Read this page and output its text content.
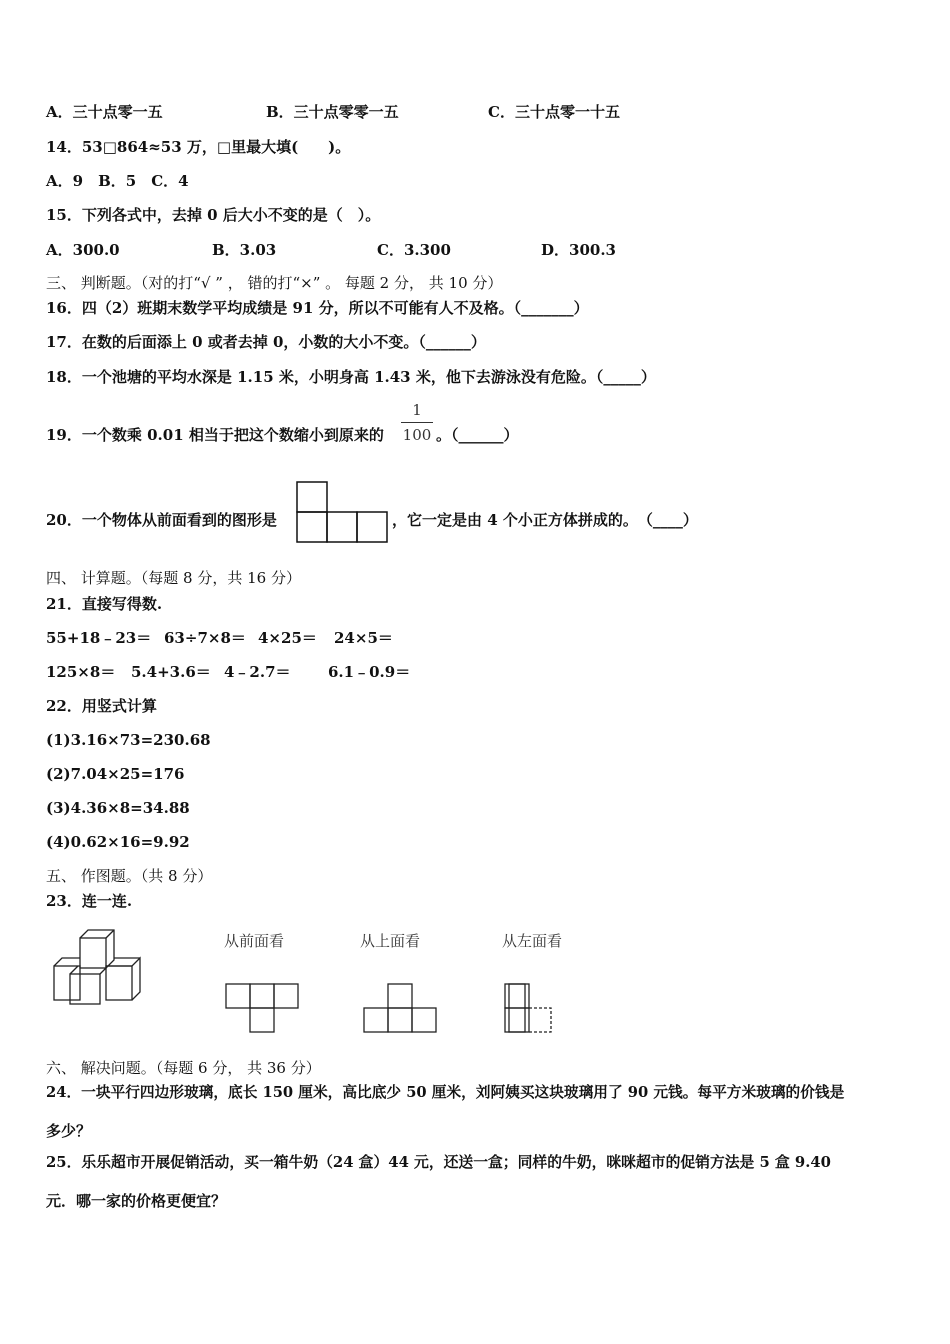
A．三十点零一五	B．三十点零零一五	C．三十点零一十五
14．53□864≈53 万，□里最大填(　　)。
A．9　B．5　C．4
15．下列各式中，去掉 0 后大小不变的是（　）。
A．300.0	B．3.03	C．3.300	D．300.3
三、 判断题。（对的打“√ ” ， 错的打“×” 。 每题 2 分， 共 10 分）
16．四（2）班期末数学平均成绩是 91 分，所以不可能有人不及格。（_______）
17．在数的后面添上 0 或者去掉 0，小数的大小不变。（______）
18．一个池塘的平均水深是 1.15 米，小明身高 1.43 米，他下去游泳没有危险。（_____）
19．一个数乘 0.01 相当于把这个数缩小到原来的
1
100 。（______）
20．一个物体从前面看到的图形是	，它一定是由 4 个小正方体拼成的。　（____）
四、 计算题。（每题 8 分，共 16 分）
21．直接写得数.
55+18﹣23＝ 63÷7×8＝ 4×25＝ 24×5＝
125×8＝ 5.4+3.6＝ 4﹣2.7＝ 6.1﹣0.9＝
22．用竖式计算
(1)3.16×73=230.68
(2)7.04×25=176
(3)4.36×8=34.88
(4)0.62×16=9.92
五、 作图题。（共 8 分）
23．连一连.
从前面看	从上面看	从左面看
六、 解决问题。（每题 6 分， 共 36 分）
24．一块平行四边形玻璃，底长 150 厘米，高比底少 50 厘米，刘阿姨买这块玻璃用了 90 元钱。每平方米玻璃的价钱是
多少？
25．乐乐超市开展促销活动，买一箱牛奶（24 盒）44 元，还送一盒；同样的牛奶，咪咪超市的促销方法是 5 盒 9.40
元．哪一家的价格更便宜？
